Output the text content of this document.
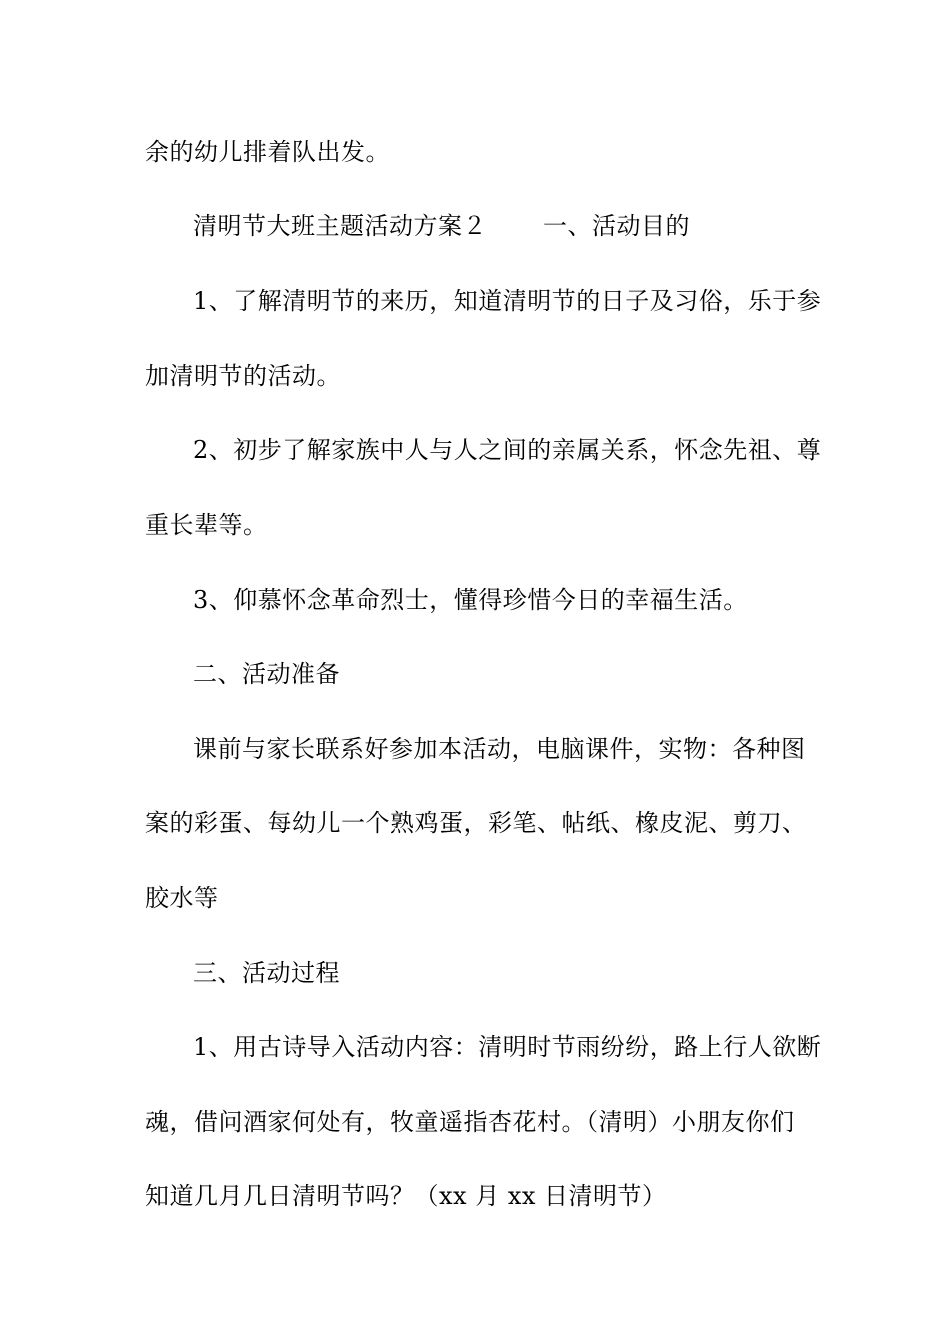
余的幼儿排着队出发。
清明节大班主题活动方案２ 一、活动目的
1、了解清明节的来历，知道清明节的日子及习俗，乐于参
加清明节的活动。
2、初步了解家族中人与人之间的亲属关系，怀念先祖、尊
重长辈等。
3、仰慕怀念革命烈士，懂得珍惜今日的幸福生活。
二、活动准备
课前与家长联系好参加本活动，电脑课件，实物：各种图
案的彩蛋、每幼儿一个熟鸡蛋，彩笔、帖纸、橡皮泥、剪刀、
胶水等
三、活动过程
1、用古诗导入活动内容：清明时节雨纷纷，路上行人欲断
魂，借问酒家何处有，牧童遥指杏花村。（清明）小朋友你们
知道几月几日清明节吗？（xx 月 xx 日清明节）
